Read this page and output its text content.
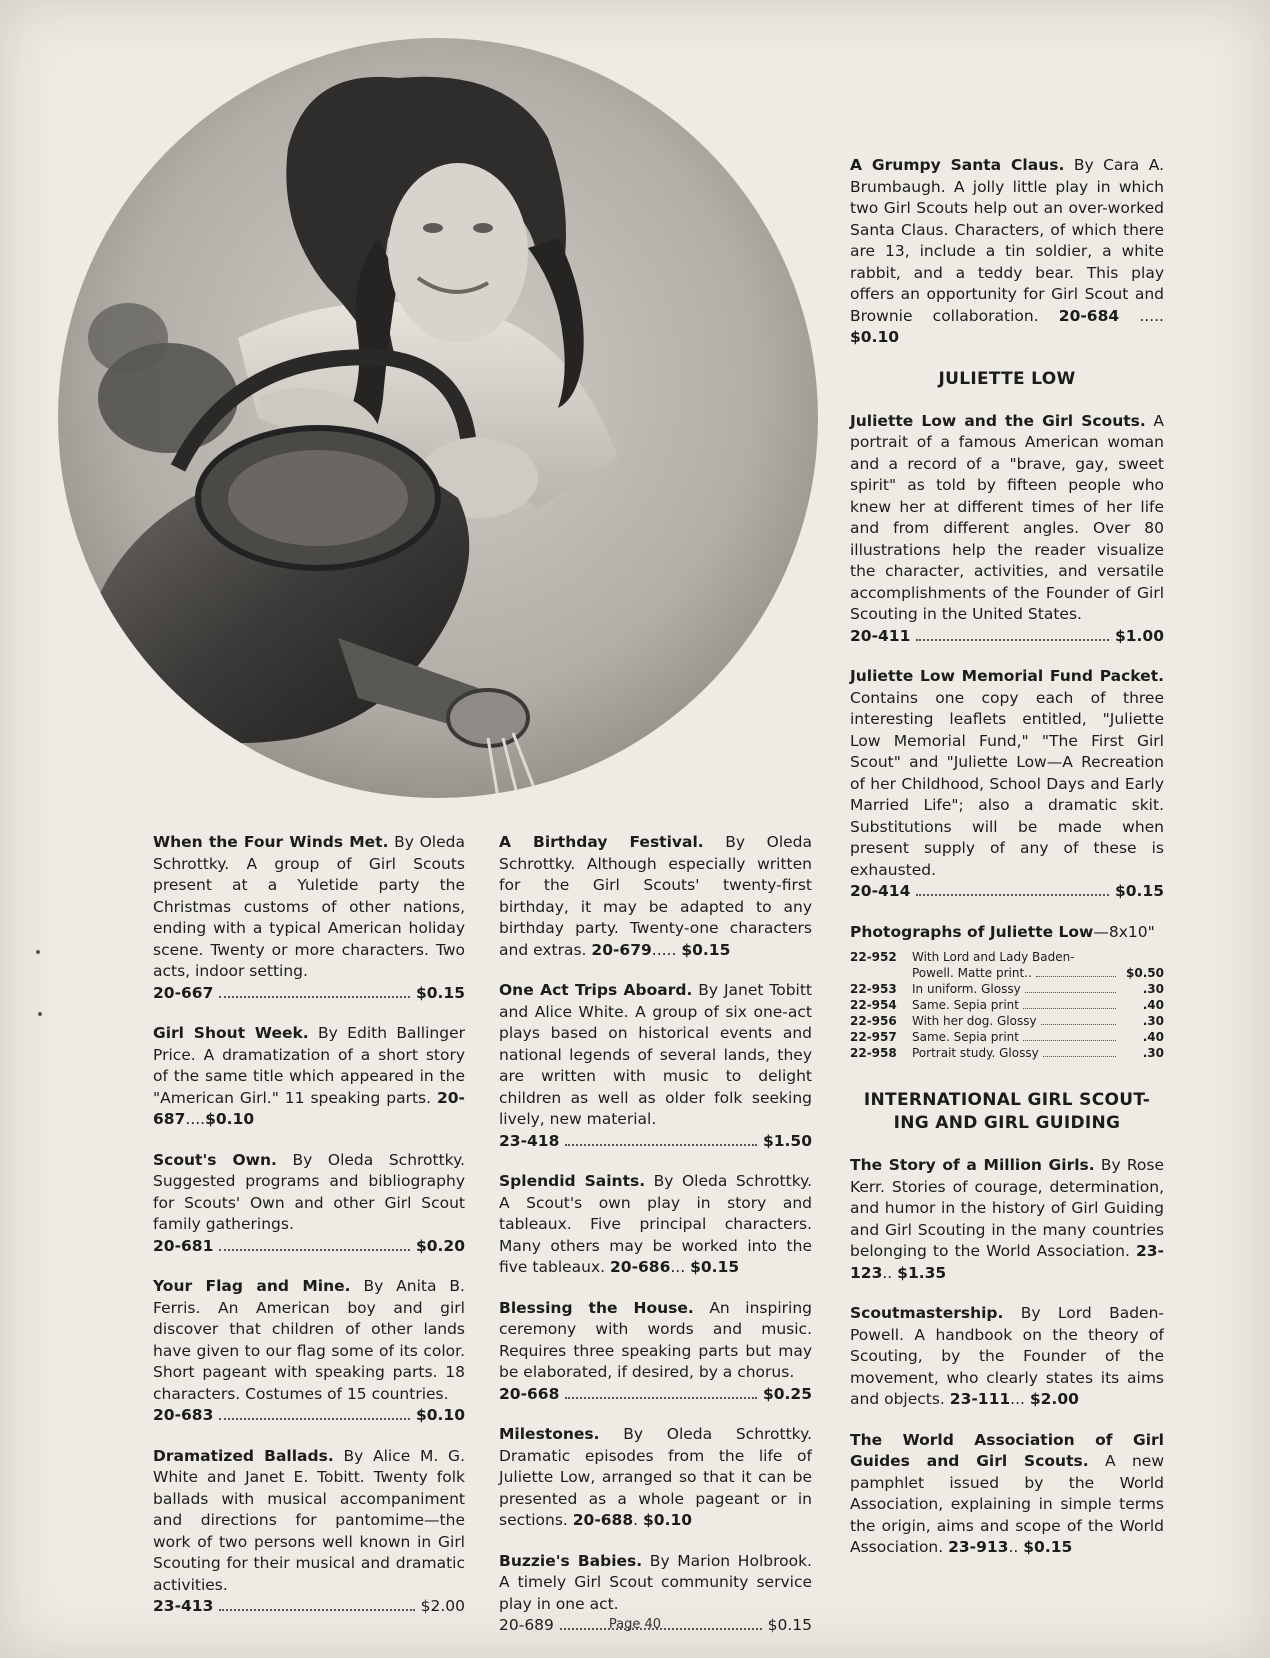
When the Four Winds Met. By Oleda Schrottky. A group of Girl Scouts present at a Yuletide party the Christmas customs of other nations, ending with a typical American holiday scene. Twenty or more characters. Two acts, indoor setting.
20-667	$0.15
Girl Shout Week. By Edith Ballinger Price. A dramatization of a short story of the same title which appeared in the "American Girl." 11 speaking parts. 20-687....$0.10
Scout's Own. By Oleda Schrottky. Suggested programs and bibliography for Scouts' Own and other Girl Scout family gatherings.
20-681	$0.20
Your Flag and Mine. By Anita B. Ferris. An American boy and girl discover that children of other lands have given to our flag some of its color. Short pageant with speaking parts. 18 characters. Costumes of 15 countries.
20-683	$0.10
Dramatized Ballads. By Alice M. G. White and Janet E. Tobitt. Twenty folk ballads with musical accompaniment and directions for pantomime—the work of two persons well known in Girl Scouting for their musical and dramatic activities.
23-413	$2.00
A Birthday Festival. By Oleda Schrottky. Although especially written for the Girl Scouts' twenty-first birthday, it may be adapted to any birthday party. Twenty-one characters and extras. 20-679..... $0.15
One Act Trips Aboard. By Janet Tobitt and Alice White. A group of six one-act plays based on historical events and national legends of several lands, they are written with music to delight children as well as older folk seeking lively, new material.
23-418	$1.50
Splendid Saints. By Oleda Schrottky. A Scout's own play in story and tableaux. Five principal characters. Many others may be worked into the five tableaux. 20-686... $0.15
Blessing the House. An inspiring ceremony with words and music. Requires three speaking parts but may be elaborated, if desired, by a chorus.
20-668	$0.25
Milestones. By Oleda Schrottky. Dramatic episodes from the life of Juliette Low, arranged so that it can be presented as a whole pageant or in sections. 20-688. $0.10
Buzzie's Babies. By Marion Holbrook. A timely Girl Scout community service play in one act.
20-689	$0.15
A Grumpy Santa Claus. By Cara A. Brumbaugh. A jolly little play in which two Girl Scouts help out an over-worked Santa Claus. Characters, of which there are 13, include a tin soldier, a white rabbit, and a teddy bear. This play offers an opportunity for Girl Scout and Brownie collaboration. 20-684 ..... $0.10
JULIETTE LOW
Juliette Low and the Girl Scouts. A portrait of a famous American woman and a record of a "brave, gay, sweet spirit" as told by fifteen people who knew her at different times of her life and from different angles. Over 80 illustrations help the reader visualize the character, activities, and versatile accomplishments of the Founder of Girl Scouting in the United States.
20-411	$1.00
Juliette Low Memorial Fund Packet. Contains one copy each of three interesting leaflets entitled, "Juliette Low Memorial Fund," "The First Girl Scout" and "Juliette Low—A Recreation of her Childhood, School Days and Early Married Life"; also a dramatic skit. Substitutions will be made when present supply of any of these is exhausted.
20-414	$0.15
Photographs of Juliette Low—8x10"
22-952	With Lord and Lady Baden-
Powell. Matte print..	$0.50
22-953	In uniform. Glossy	.30
22-954	Same. Sepia print	.40
22-956	With her dog. Glossy	.30
22-957	Same. Sepia print	.40
22-958	Portrait study. Glossy	.30
INTERNATIONAL GIRL SCOUT-
ING AND GIRL GUIDING
The Story of a Million Girls. By Rose Kerr. Stories of courage, determination, and humor in the history of Girl Guiding and Girl Scouting in the many countries belonging to the World Association. 23-123.. $1.35
Scoutmastership. By Lord Baden-Powell. A handbook on the theory of Scouting, by the Founder of the movement, who clearly states its aims and objects. 23-111... $2.00
The World Association of Girl Guides and Girl Scouts. A new pamphlet issued by the World Association, explaining in simple terms the origin, aims and scope of the World Association. 23-913.. $0.15
Page 40
